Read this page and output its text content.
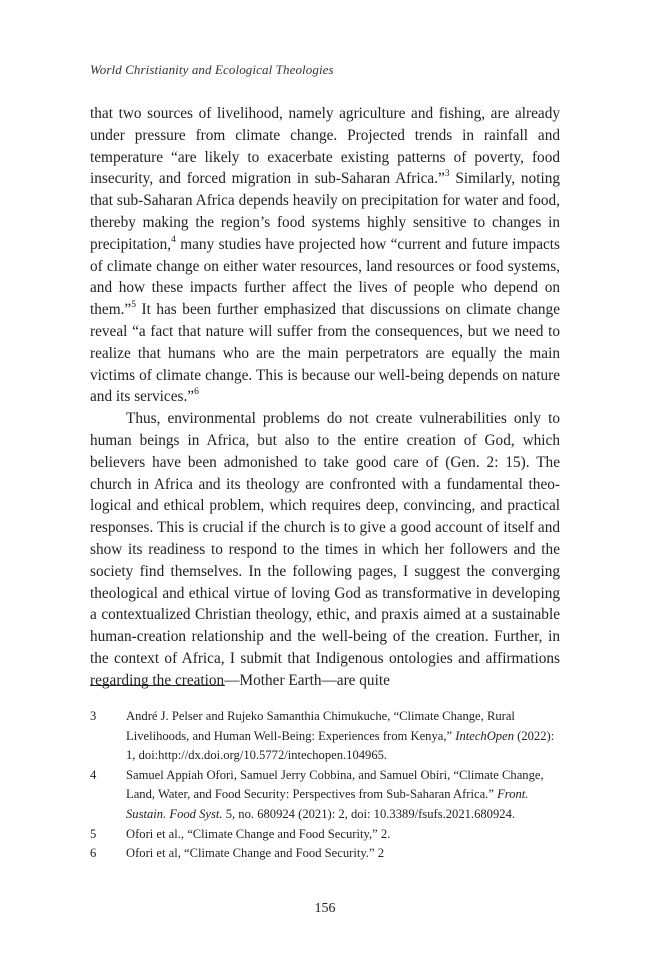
World Christianity and Ecological Theologies

that two sources of livelihood, namely agriculture and fishing, are already under pressure from climate change. Projected trends in rainfall and temperature “are likely to exacerbate existing patterns of poverty, food insecurity, and forced migration in sub-Saharan Africa.”$^3$ Similarly, noting that sub-Saharan Africa depends heavily on precipitation for water and food, thereby making the region’s food systems highly sensitive to changes in precipitation,$^4$ many studies have projected how “current and future impacts of climate change on either water resources, land resources or food systems, and how these impacts further affect the lives of people who depend on them.”$^5$ It has been further emphasized that discussions on climate change reveal “a fact that nature will suffer from the consequences, but we need to realize that humans who are the main perpetrators are equally the main victims of climate change. This is because our well-being depends on nature and its services.”$^6$

Thus, environmental problems do not create vulnerabilities only to human beings in Africa, but also to the entire creation of God, which believers have been admonished to take good care of (Gen. 2: 15). The church in Africa and its theology are confronted with a fundamental theological and ethical problem, which requires deep, convincing, and practical responses. This is crucial if the church is to give a good account of itself and show its readiness to respond to the times in which her followers and the society find themselves. In the following pages, I suggest the converging theological and ethical virtue of loving God as transformative in developing a contextualized Christian theology, ethic, and praxis aimed at a sustainable human-creation relationship and the well-being of the creation. Further, in the context of Africa, I submit that Indigenous ontologies and affirmations regarding the creation—Mother Earth—are quite

3	André J. Pelser and Rujeko Samanthia Chimukuche, “Climate Change, Rural Livelihoods, and Human Well-Being: Experiences from Kenya,” IntechOpen (2022): 1, doi:http://dx.doi.org/10.5772/intechopen.104965.
4	Samuel Appiah Ofori, Samuel Jerry Cobbina, and Samuel Obiri, “Climate Change, Land, Water, and Food Security: Perspectives from Sub-Saharan Africa.” Front. Sustain. Food Syst. 5, no. 680924 (2021): 2, doi: 10.3389/fsufs.2021.680924.
5	Ofori et al., “Climate Change and Food Security,” 2.
6	Ofori et al, “Climate Change and Food Security.” 2
156
